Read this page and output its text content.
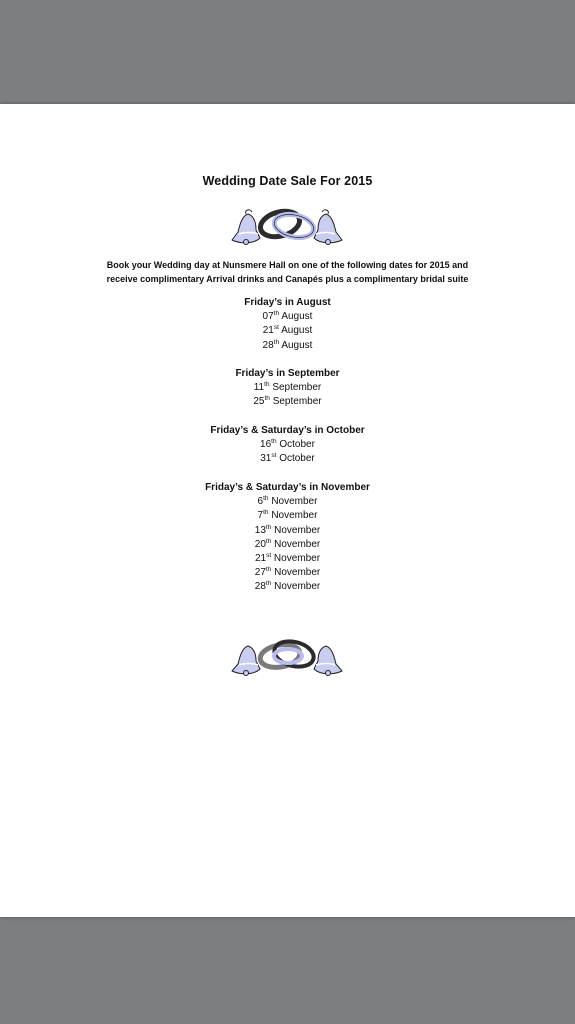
Wedding Date Sale For 2015
Book your Wedding day at Nunsmere Hall on one of the following dates for 2015 and
receive complimentary Arrival drinks and Canapés plus a complimentary bridal suite
Friday’s in August
07th August
21st August
28th August
Friday’s in September
11th September
25th September
Friday’s & Saturday’s in October
16th October
31st October
Friday’s & Saturday’s in November
6th November
7th November
13th November
20th November
21st November
27th November
28th November
